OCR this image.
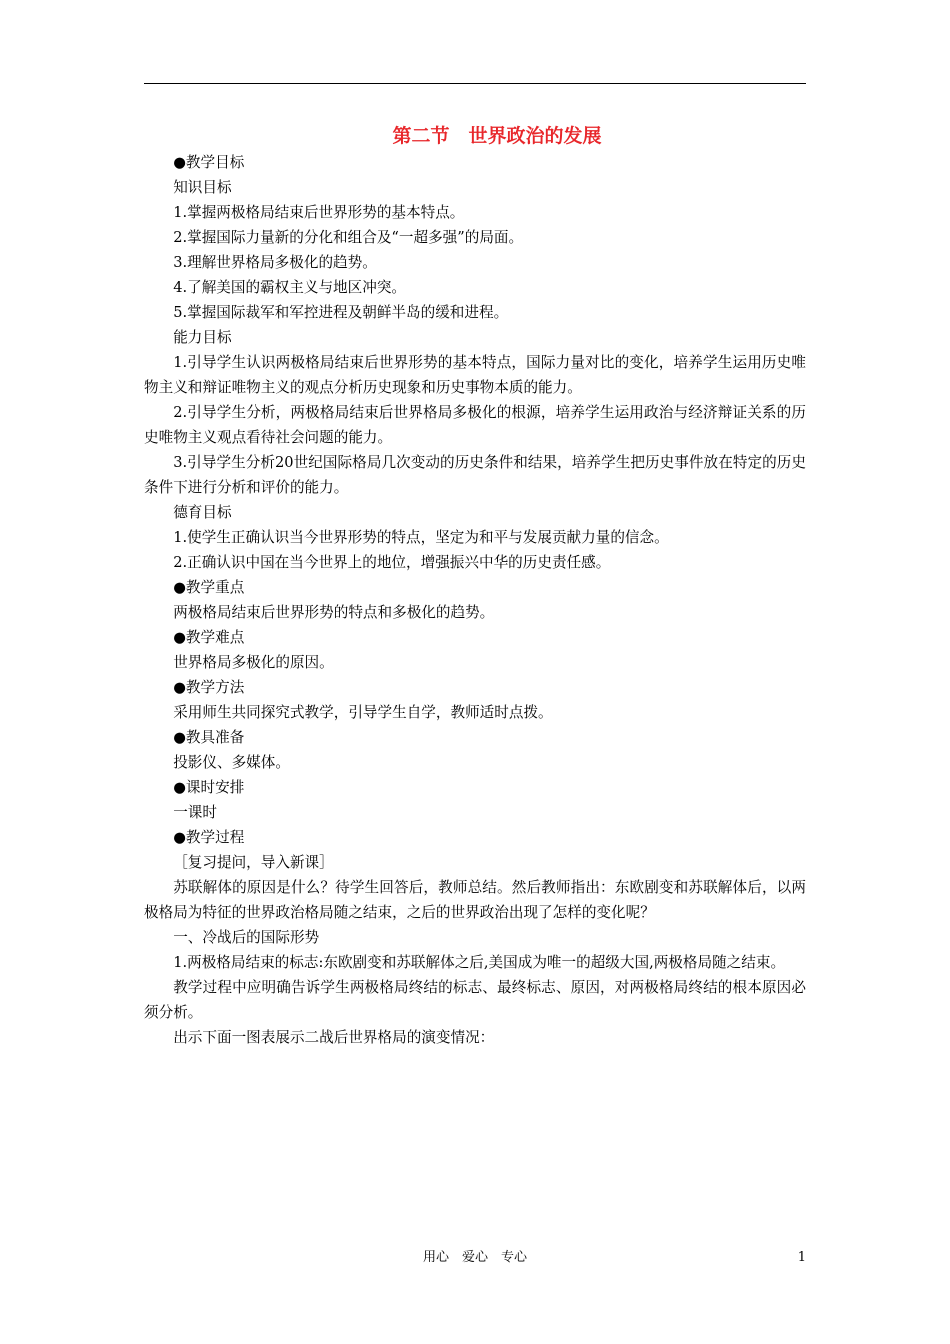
第二节　世界政治的发展

●教学目标

知识目标

1.掌握两极格局结束后世界形势的基本特点。

2.掌握国际力量新的分化和组合及“一超多强”的局面。

3.理解世界格局多极化的趋势。

4.了解美国的霸权主义与地区冲突。

5.掌握国际裁军和军控进程及朝鲜半岛的缓和进程。

能力目标

1.引导学生认识两极格局结束后世界形势的基本特点，国际力量对比的变化，培养学生运用历史唯物主义和辩证唯物主义的观点分析历史现象和历史事物本质的能力。

2.引导学生分析，两极格局结束后世界格局多极化的根源，培养学生运用政治与经济辩证关系的历史唯物主义观点看待社会问题的能力。

3.引导学生分析20世纪国际格局几次变动的历史条件和结果，培养学生把历史事件放在特定的历史条件下进行分析和评价的能力。

德育目标

1.使学生正确认识当今世界形势的特点，坚定为和平与发展贡献力量的信念。

2.正确认识中国在当今世界上的地位，增强振兴中华的历史责任感。

●教学重点

两极格局结束后世界形势的特点和多极化的趋势。

●教学难点

世界格局多极化的原因。

●教学方法

采用师生共同探究式教学，引导学生自学，教师适时点拨。

●教具准备

投影仪、多媒体。

●课时安排

一课时

●教学过程

［复习提问，导入新课］

苏联解体的原因是什么？待学生回答后，教师总结。然后教师指出：东欧剧变和苏联解体后，以两极格局为特征的世界政治格局随之结束，之后的世界政治出现了怎样的变化呢？

一、冷战后的国际形势

1.两极格局结束的标志:东欧剧变和苏联解体之后,美国成为唯一的超级大国,两极格局随之结束。

教学过程中应明确告诉学生两极格局终结的标志、最终标志、原因，对两极格局终结的根本原因必须分析。

出示下面一图表展示二战后世界格局的演变情况：

用心　爱心　专心	1
